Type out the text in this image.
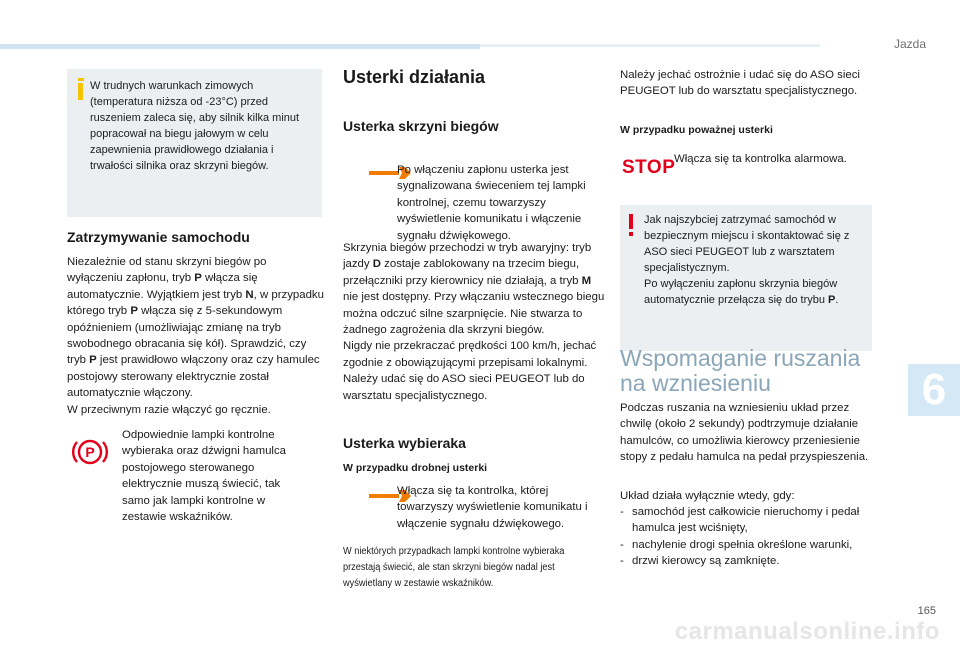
Jazda

W trudnych warunkach zimowych (temperatura niższa od -23°C) przed ruszeniem zaleca się, aby silnik kilka minut popracował na biegu jałowym w celu zapewnienia prawidłowego działania i trwałości silnika oraz skrzyni biegów.

Zatrzymywanie samochodu

Niezależnie od stanu skrzyni biegów po wyłączeniu zapłonu, tryb P włącza się automatycznie. Wyjątkiem jest tryb N, w przypadku którego tryb P włącza się z 5-sekundowym opóźnieniem (umożliwiając zmianę na tryb swobodnego obracania się kół). Sprawdzić, czy tryb P jest prawidłowo włączony oraz czy hamulec postojowy sterowany elektrycznie został automatycznie włączony.
W przeciwnym razie włączyć go ręcznie.

P

Odpowiednie lampki kontrolne wybieraka oraz dźwigni hamulca postojowego sterowanego elektrycznie muszą świecić, tak samo jak lampki kontrolne w zestawie wskaźników.

Usterki działania
Usterka skrzyni biegów

Po włączeniu zapłonu usterka jest sygnalizowana świeceniem tej lampki kontrolnej, czemu towarzyszy wyświetlenie komunikatu i włączenie sygnału dźwiękowego.

Skrzynia biegów przechodzi w tryb awaryjny: tryb jazdy D zostaje zablokowany na trzecim biegu, przełączniki przy kierownicy nie działają, a tryb M nie jest dostępny. Przy włączaniu wstecznego biegu można odczuć silne szarpnięcie. Nie stwarza to żadnego zagrożenia dla skrzyni biegów.
Nigdy nie przekraczać prędkości 100 km/h, jechać zgodnie z obowiązującymi przepisami lokalnymi.
Należy udać się do ASO sieci PEUGEOT lub do warsztatu specjalistycznego.

Usterka wybieraka
W przypadku drobnej usterki

Włącza się ta kontrolka, której towarzyszy wyświetlenie komunikatu i włączenie sygnału dźwiękowego.

W niektórych przypadkach lampki kontrolne wybieraka przestają świecić, ale stan skrzyni biegów nadal jest wyświetlany w zestawie wskaźników.

Należy jechać ostrożnie i udać się do ASO sieci PEUGEOT lub do warsztatu specjalistycznego.

W przypadku poważnej usterki
STOP

Włącza się ta kontrolka alarmowa.

Jak najszybciej zatrzymać samochód w bezpiecznym miejscu i skontaktować się z ASO sieci PEUGEOT lub z warsztatem specjalistycznym.
Po wyłączeniu zapłonu skrzynia biegów automatycznie przełącza się do trybu P.

Wspomaganie ruszania
na wzniesieniu

Podczas ruszania na wzniesieniu układ przez chwilę (około 2 sekundy) podtrzymuje działanie hamulców, co umożliwia kierowcy przeniesienie stopy z pedału hamulca na pedał przyspieszenia.

Układ działa wyłącznie wtedy, gdy:

- samochód jest całkowicie nieruchomy i pedał hamulca jest wciśnięty,
- nachylenie drogi spełnia określone warunki,
- drzwi kierowcy są zamknięte.
6
165
carmanualsonline.info
